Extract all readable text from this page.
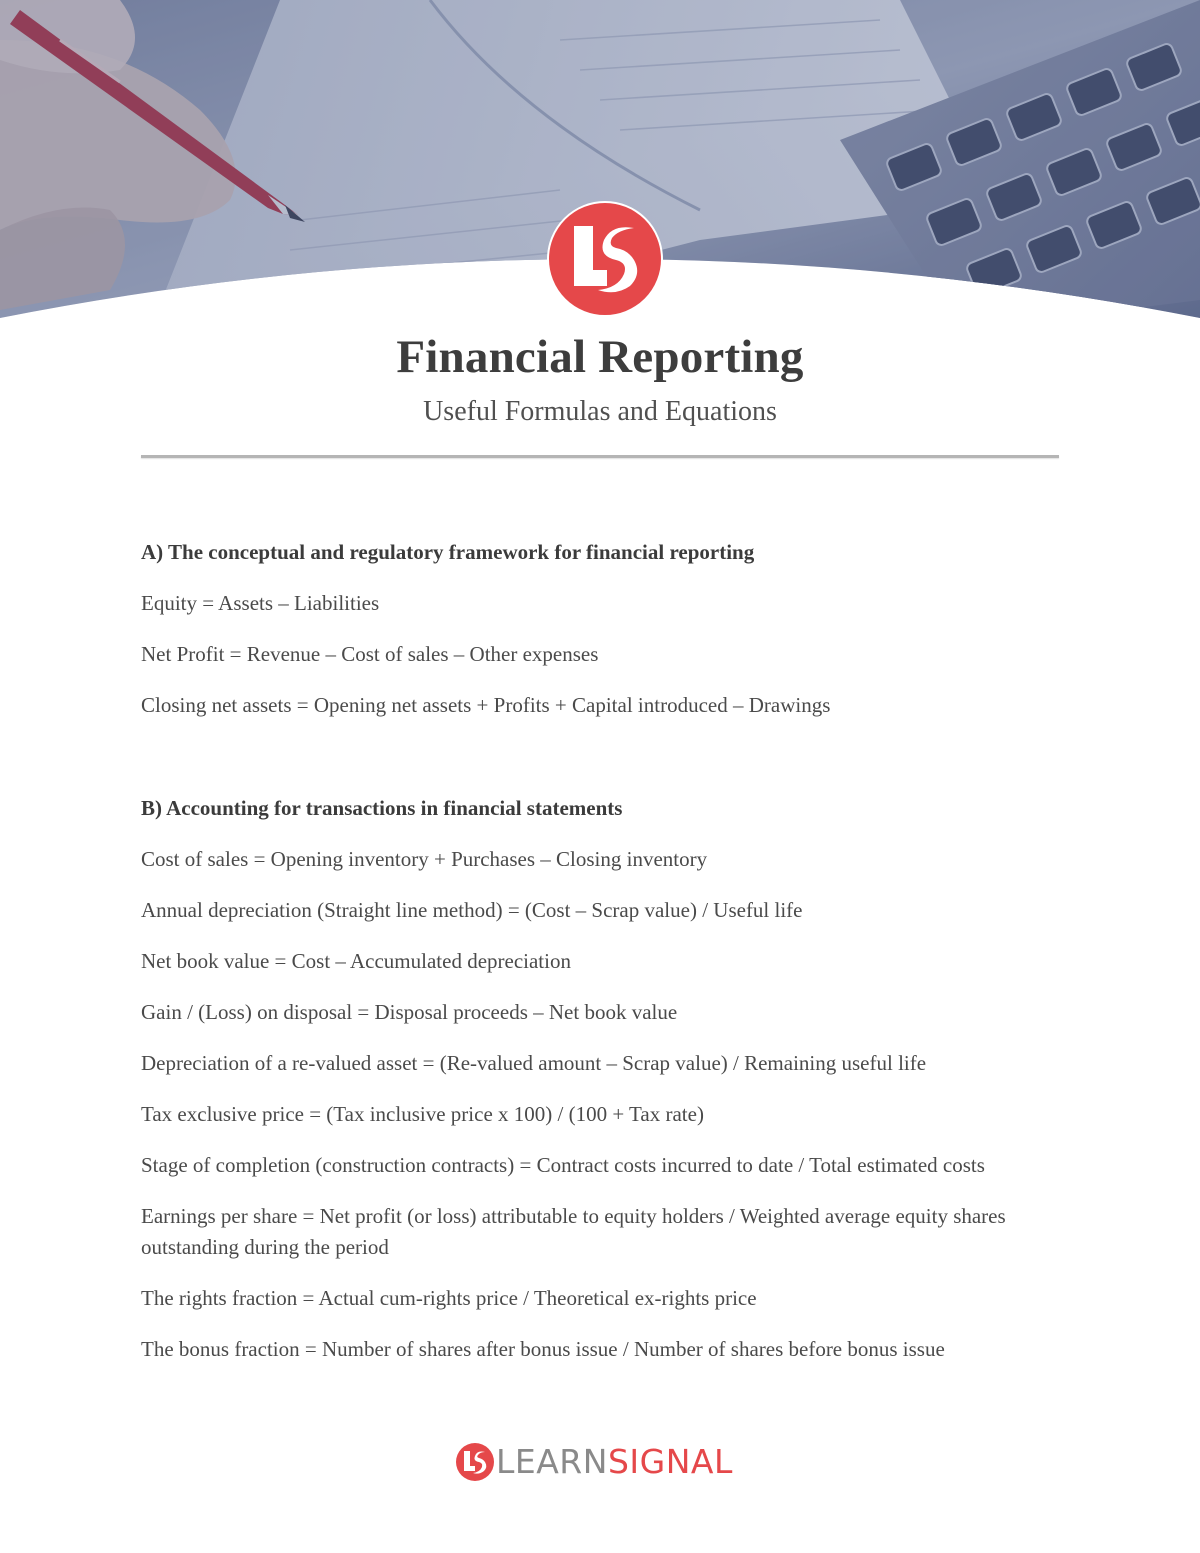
Financial Reporting
Useful Formulas and Equations
A) The conceptual and regulatory framework for financial reporting
Equity = Assets – Liabilities
Net Profit = Revenue – Cost of sales – Other expenses
Closing net assets = Opening net assets + Profits + Capital introduced – Drawings
B) Accounting for transactions in financial statements
Cost of sales = Opening inventory + Purchases – Closing inventory
Annual depreciation (Straight line method) = (Cost – Scrap value) / Useful life
Net book value = Cost – Accumulated depreciation
Gain / (Loss) on disposal = Disposal proceeds – Net book value
Depreciation of a re-valued asset = (Re-valued amount – Scrap value) / Remaining useful life
Tax exclusive price = (Tax inclusive price x 100) / (100 + Tax rate)
Stage of completion (construction contracts) = Contract costs incurred to date / Total estimated costs
Earnings per share = Net profit (or loss) attributable to equity holders / Weighted average equity shares outstanding during the period
The rights fraction = Actual cum-rights price / Theoretical ex-rights price
The bonus fraction = Number of shares after bonus issue / Number of shares before bonus issue
LEARNSIGNAL
